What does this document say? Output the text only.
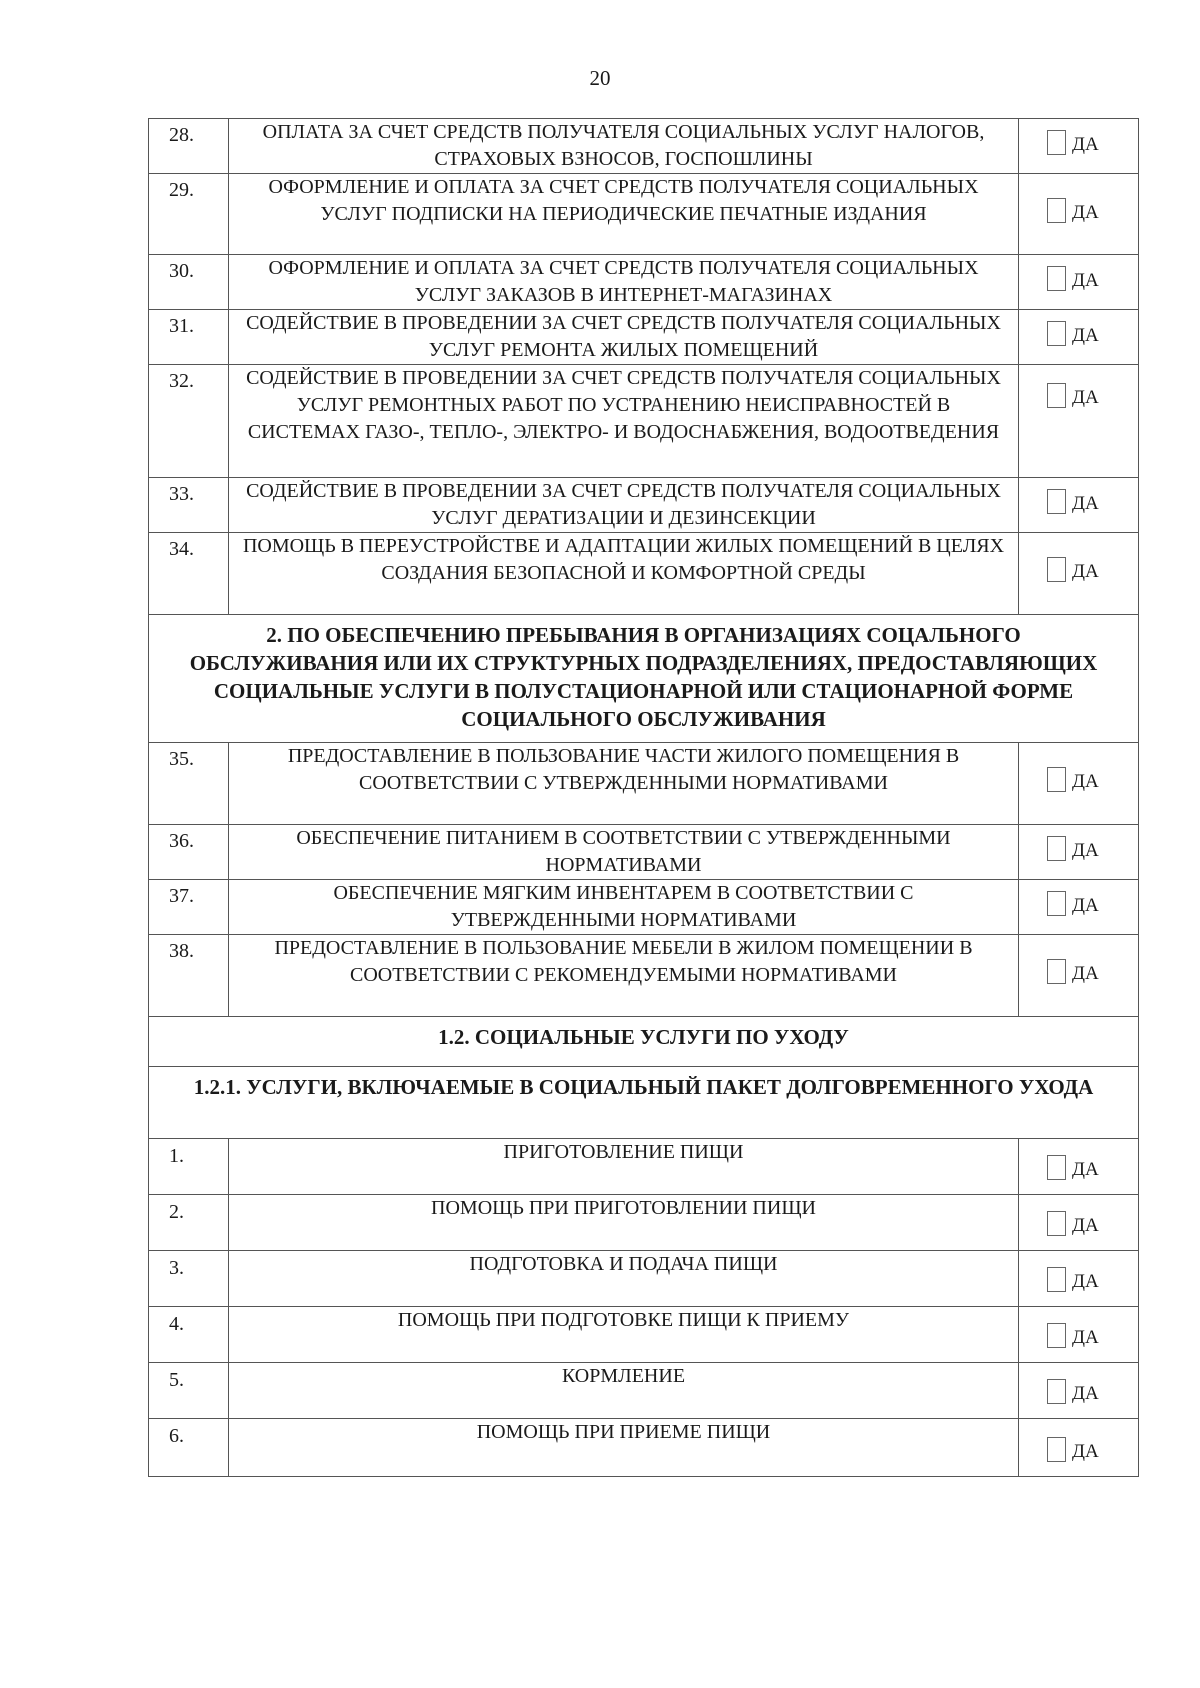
20
28.	ОПЛАТА ЗА СЧЕТ СРЕДСТВ ПОЛУЧАТЕЛЯ СОЦИАЛЬНЫХ УСЛУГ НАЛОГОВ, СТРАХОВЫХ ВЗНОСОВ, ГОСПОШЛИНЫ	ДА

29.	ОФОРМЛЕНИЕ И ОПЛАТА ЗА СЧЕТ СРЕДСТВ ПОЛУЧАТЕЛЯ СОЦИАЛЬНЫХ УСЛУГ ПОДПИСКИ НА ПЕРИОДИЧЕСКИЕ ПЕЧАТНЫЕ ИЗДАНИЯ	ДА

30.	ОФОРМЛЕНИЕ И ОПЛАТА ЗА СЧЕТ СРЕДСТВ ПОЛУЧАТЕЛЯ СОЦИАЛЬНЫХ УСЛУГ ЗАКАЗОВ В ИНТЕРНЕТ-МАГАЗИНАХ	ДА

31.	СОДЕЙСТВИЕ В ПРОВЕДЕНИИ ЗА СЧЕТ СРЕДСТВ ПОЛУЧАТЕЛЯ СОЦИАЛЬНЫХ УСЛУГ РЕМОНТА ЖИЛЫХ ПОМЕЩЕНИЙ	ДА

32.	СОДЕЙСТВИЕ В ПРОВЕДЕНИИ ЗА СЧЕТ СРЕДСТВ ПОЛУЧАТЕЛЯ СОЦИАЛЬНЫХ УСЛУГ РЕМОНТНЫХ РАБОТ ПО УСТРАНЕНИЮ НЕИСПРАВНОСТЕЙ В СИСТЕМАХ ГАЗО-, ТЕПЛО-, ЭЛЕКТРО- И ВОДОСНАБЖЕНИЯ, ВОДООТВЕДЕНИЯ	ДА

33.	СОДЕЙСТВИЕ В ПРОВЕДЕНИИ ЗА СЧЕТ СРЕДСТВ ПОЛУЧАТЕЛЯ СОЦИАЛЬНЫХ УСЛУГ ДЕРАТИЗАЦИИ И ДЕЗИНСЕКЦИИ	ДА

34.	ПОМОЩЬ В ПЕРЕУСТРОЙСТВЕ И АДАПТАЦИИ ЖИЛЫХ ПОМЕЩЕНИЙ В ЦЕЛЯХ СОЗДАНИЯ БЕЗОПАСНОЙ И КОМФОРТНОЙ СРЕДЫ	ДА

2. ПО ОБЕСПЕЧЕНИЮ ПРЕБЫВАНИЯ В ОРГАНИЗАЦИЯХ СОЦАЛЬНОГО ОБСЛУЖИВАНИЯ ИЛИ ИХ СТРУКТУРНЫХ ПОДРАЗДЕЛЕНИЯХ, ПРЕДОСТАВЛЯЮЩИХ СОЦИАЛЬНЫЕ УСЛУГИ В ПОЛУСТАЦИОНАРНОЙ ИЛИ СТАЦИОНАРНОЙ ФОРМЕ СОЦИАЛЬНОГО ОБСЛУЖИВАНИЯ		
35.	ПРЕДОСТАВЛЕНИЕ В ПОЛЬЗОВАНИЕ ЧАСТИ ЖИЛОГО ПОМЕЩЕНИЯ В СООТВЕТСТВИИ С УТВЕРЖДЕННЫМИ НОРМАТИВАМИ	ДА

36.	ОБЕСПЕЧЕНИЕ ПИТАНИЕМ В СООТВЕТСТВИИ С УТВЕРЖДЕННЫМИ НОРМАТИВАМИ	ДА

37.	ОБЕСПЕЧЕНИЕ МЯГКИМ ИНВЕНТАРЕМ В СООТВЕТСТВИИ С УТВЕРЖДЕННЫМИ НОРМАТИВАМИ	ДА

38.	ПРЕДОСТАВЛЕНИЕ В ПОЛЬЗОВАНИЕ МЕБЕЛИ В ЖИЛОМ ПОМЕЩЕНИИ В СООТВЕТСТВИИ С РЕКОМЕНДУЕМЫМИ НОРМАТИВАМИ	ДА

1.2. СОЦИАЛЬНЫЕ УСЛУГИ ПО УХОДУ		
1.2.1. УСЛУГИ, ВКЛЮЧАЕМЫЕ В СОЦИАЛЬНЫЙ ПАКЕТ ДОЛГОВРЕМЕННОГО УХОДА		
1.	ПРИГОТОВЛЕНИЕ ПИЩИ	ДА

2.	ПОМОЩЬ ПРИ ПРИГОТОВЛЕНИИ ПИЩИ	ДА

3.	ПОДГОТОВКА И ПОДАЧА ПИЩИ	ДА

4.	ПОМОЩЬ ПРИ ПОДГОТОВКЕ ПИЩИ К ПРИЕМУ	ДА

5.	КОРМЛЕНИЕ	ДА

6.	ПОМОЩЬ ПРИ ПРИЕМЕ ПИЩИ	ДА
